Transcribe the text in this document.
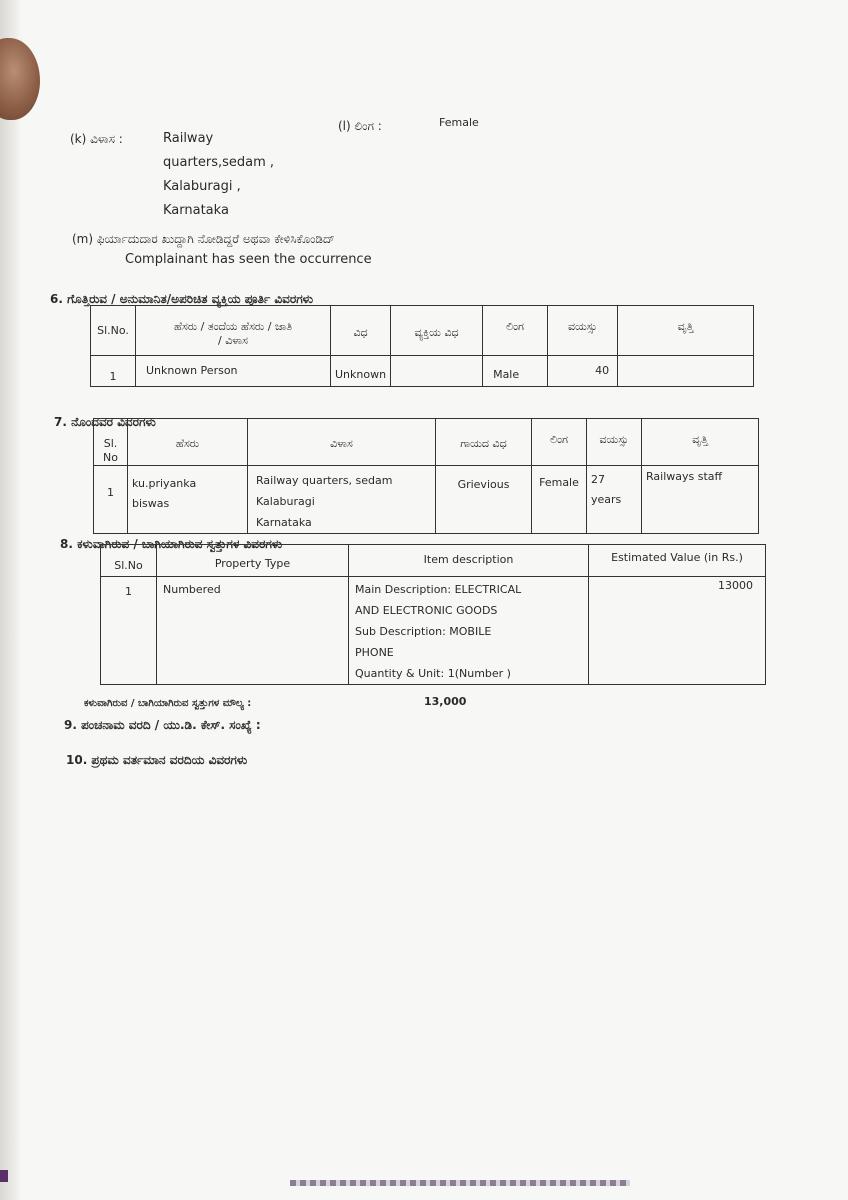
(k) ವಿಳಾಸ :	Railway
quarters,sedam ,
Kalaburagi ,
Karnataka
(l) ಲಿಂಗ :	Female
(m) ಫಿರ್ಯಾದುದಾರ ಖುದ್ದಾಗಿ ನೋಡಿದ್ದರೆ ಅಥವಾ ಕೇಳಿಸಿಕೊಂಡಿದ್
Complainant has seen the occurrence
6. ಗೊತ್ತಿರುವ / ಅನುಮಾನಿತ/ಅಪರಿಚಿತ ವ್ಯಕ್ತಿಯ ಪೂರ್ತಿ ವಿವರಗಳು
Sl.No.	ಹೆಸರು / ತಂದೆಯ ಹೆಸರು / ಜಾತಿ
/ ವಿಳಾಸ	ವಿಧ	ವ್ಯಕ್ತಿಯ ವಿಧ	ಲಿಂಗ	ವಯಸ್ಸು	ವೃತ್ತಿ
1	Unknown Person	Unknown		Male	40	
7. ನೊಂದವರ ವಿವರಗಳು
Sl.
No	ಹೆಸರು	ವಿಳಾಸ	ಗಾಯದ ವಿಧ	ಲಿಂಗ	ವಯಸ್ಸು	ವೃತ್ತಿ
1	ku.priyanka
biswas	Railway quarters, sedam
Kalaburagi
Karnataka	Grievious	Female	27
years	Railways staff
8. ಕಳುವಾಗಿರುವ / ಬಾಗಿಯಾಗಿರುವ ಸ್ವತ್ತುಗಳ ವಿವರಗಳು
Sl.No	Property Type	Item description	Estimated Value (in Rs.)
1	Numbered	Main Description: ELECTRICAL
AND ELECTRONIC GOODS
Sub Description: MOBILE
PHONE
Quantity & Unit: 1(Number )	13000
ಕಳುವಾಗಿರುವ / ಬಾಗಿಯಾಗಿರುವ ಸ್ವತ್ತುಗಳ ಮೌಲ್ಯ :	13,000
9. ಪಂಚನಾಮ ವರದಿ / ಯು.ಡಿ. ಕೇಸ್. ಸಂಖ್ಯೆ :
10. ಪ್ರಥಮ ವರ್ತಮಾನ ವರದಿಯ ವಿವರಗಳು
